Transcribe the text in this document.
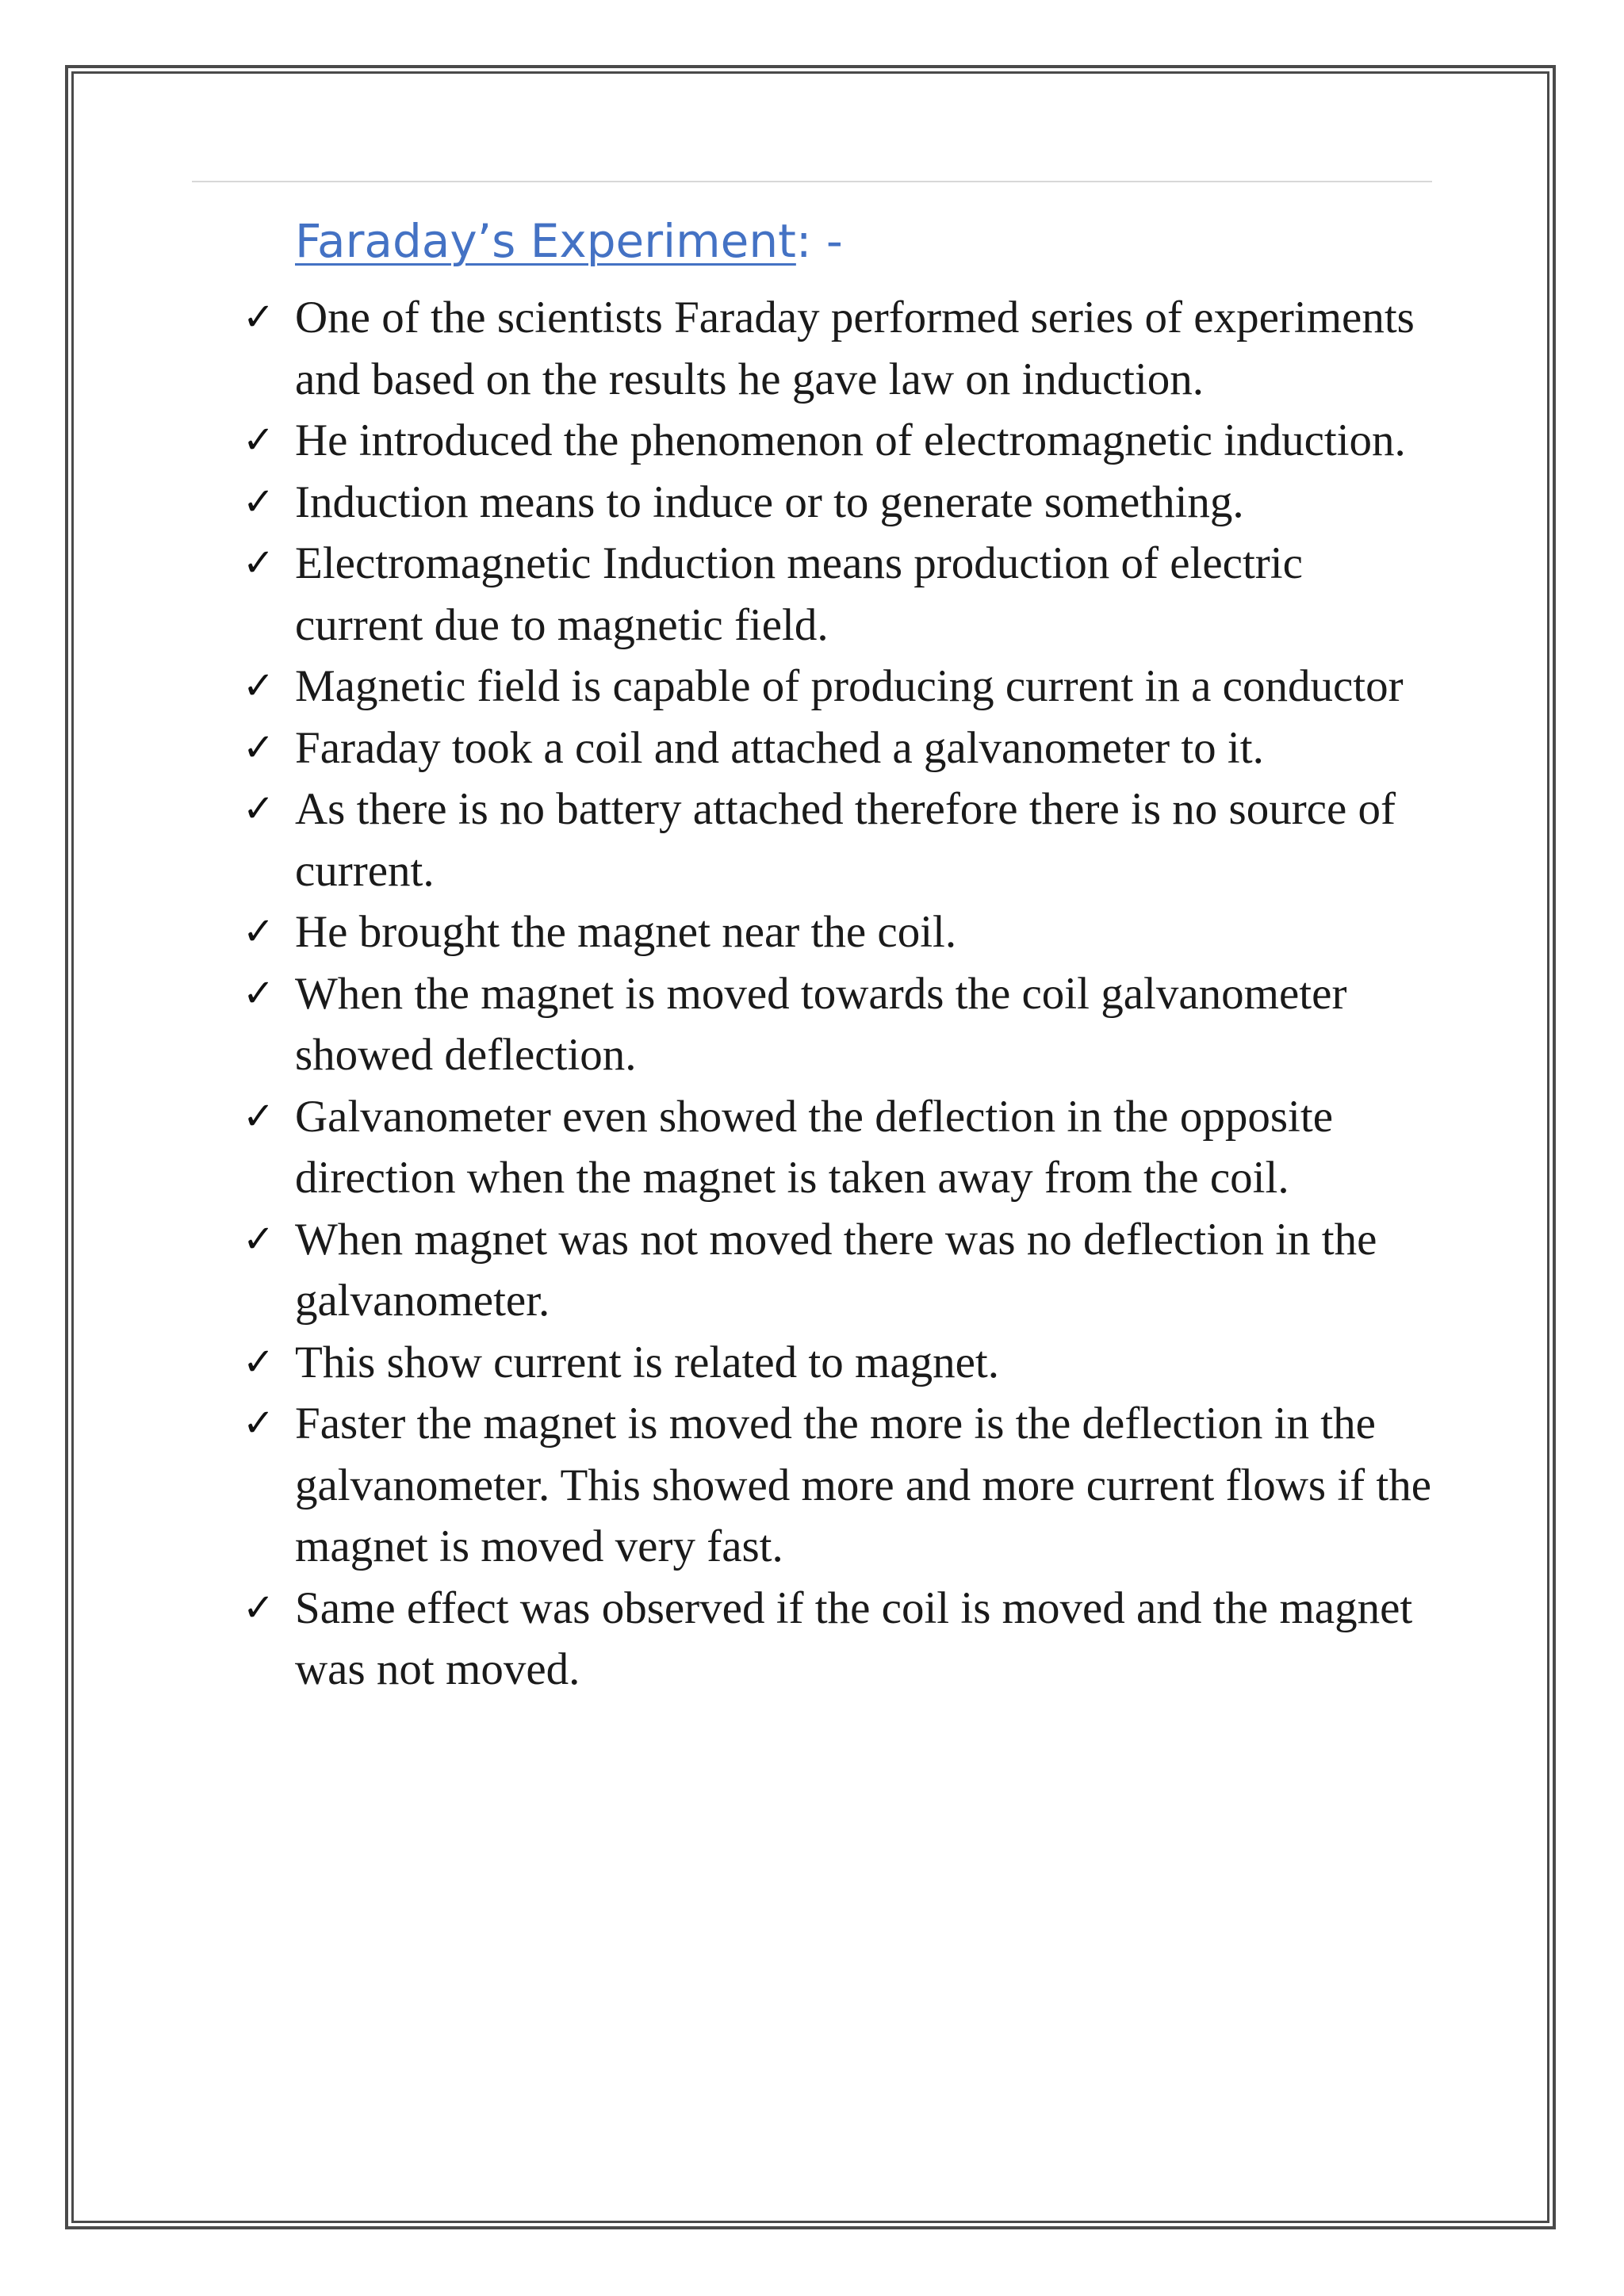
Faraday’s Experiment: -
✓ One of the scientists Faraday performed series of experiments and based on the results he gave law on induction.
✓ He introduced the phenomenon of electromagnetic induction.
✓ Induction means to induce or to generate something.
✓ Electromagnetic Induction means production of electric current due to magnetic field.
✓ Magnetic field is capable of producing current in a conductor
✓ Faraday took a coil and attached a galvanometer to it.
✓ As there is no battery attached therefore there is no source of current.
✓ He brought the magnet near the coil.
✓ When the magnet is moved towards the coil galvanometer showed deflection.
✓ Galvanometer even showed the deflection in the opposite direction when the magnet is taken away from the coil.
✓ When magnet was not moved there was no deflection in the galvanometer.
✓ This show current is related to magnet.
✓ Faster the magnet is moved the more is the deflection in the galvanometer. This showed more and more current flows if the magnet is moved very fast.
✓ Same effect was observed if the coil is moved and the magnet was not moved.
